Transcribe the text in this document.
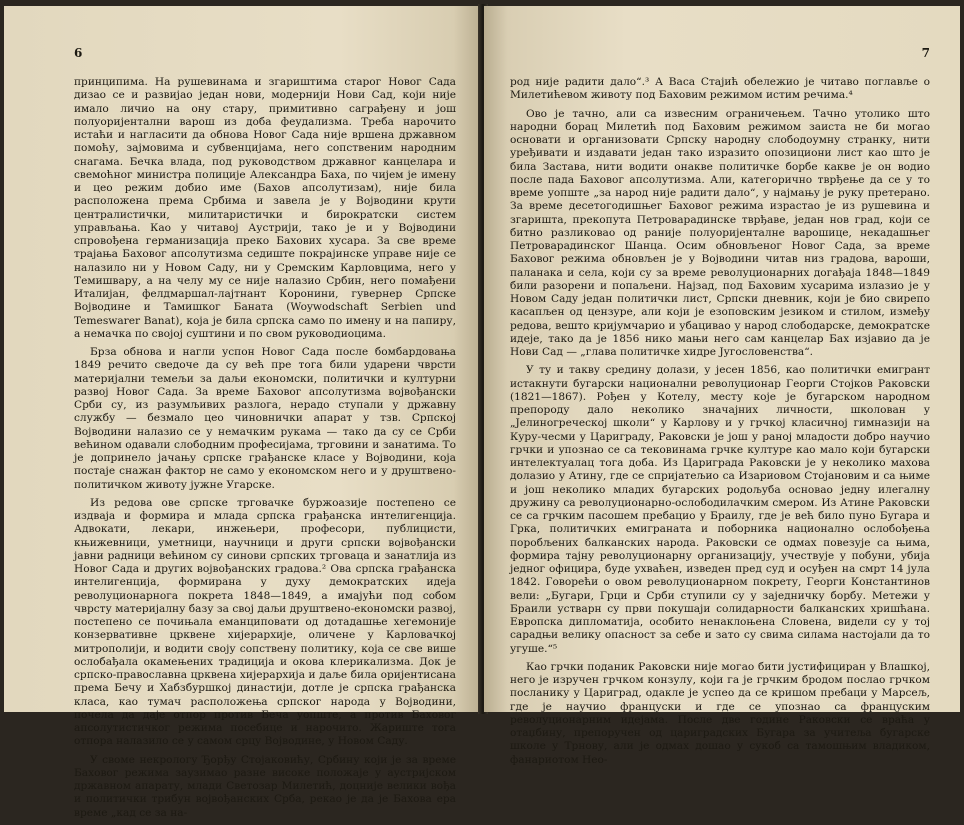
6

принципима. На рушевинама и згариштима старог Новог Сада дизао се и развијао један нови, модернији Нови Сад, који није имало личио на ону стару, примитивно саграђену и још полуоријентални варош из доба феудализма. Треба нарочито истаћи и нагласити да обнова Новог Сада није вршена државном помоћу, зајмовима и субвенцијама, него сопственим народним снагама. Бечка влада, под руководством државног канцелара и свемоћног министра полиције Александра Баха, по чијем је имену и цео режим добио име (Бахов апсолутизам), није била расположена према Србима и завела је у Војводини крути централистички, милитаристички и бирократски систем управљања. Као у читавој Аустрији, тако је и у Војводини спровођена германизација преко Бахових хусара. За све време трајања Баховог апсолутизма седиште покрајинске управе није се налазило ни у Новом Саду, ни у Сремским Карловцима, него у Темишвару, а на челу му се није налазио Србин, него помађени Италијан, фелдмаршал-лајтнант Коронини, гувернер Српске Војводине и Тамишког Баната (Woywodschaft Serbien und Temeswarer Banat), која је била српска само по имену и на папиру, а немачка по својој суштини и по свом руководиоцима.

Брза обнова и нагли успон Новог Сада после бомбардовања 1849 речито сведоче да су већ пре тога били ударени чврсти материјални темељи за даљи економски, политички и културни развој Новог Сада. За време Баховог апсолутизма војвођански Срби су, из разумљивих разлога, нерадо ступали у државну службу — безмало цео чиновнички апарат у тзв. Српској Војводини налазио се у немачким рукама — тако да су се Срби већином одавали слободним професијама, трговини и занатима. То је допринело јачању српске грађанске класе у Војводини, која постаје снажан фактор не само у економском него и у друштвено-политичком животу јужне Угарске.

Из редова ове српске трговачке буржоазије постепено се издваја и формира и млада српска грађанска интелигенција. Адвокати, лекари, инжењери, професори, публицисти, књижевници, уметници, научници и други српски војвођански јавни радници већином су синови српских трговаца и занатлија из Новог Сада и других војвођанских градова.² Ова српска грађанска интелигенција, формирана у духу демократских идеја револуционарнога покрета 1848—1849, а имајући под собом чврсту материјалну базу за свој даљи друштвено-економски развој, постепено се почињала еманциповати од дотадашње хегемоније конзервативне црквене хијерархије, оличене у Карловачкој митрополији, и водити своју сопствену политику, која се све више ослобађала окамењених традиција и окова клерикализма. Док је српско-православна црквена хијерархија и даље била оријентисана према Бечу и Хабзбуршкој династији, дотле је српска грађанска класа, као тумач расположења српског народа у Војводини, почела да даје отпор против Беча уопште, а против Баховог апсолутистичког режима посебице и нарочито. Жариште тога отпора налазило се у самом срцу Војводине, у Новом Саду.

У своме некрологу Ђорђу Стојаковићу, Србину који је за време Баховог режима заузимао разне високе положаје у аустријском државном апарату, млади Светозар Милетић, доцније велики вођа и политички трибун војвођанских Срба, рекао је да је Бахова ера време „кад се за на-

7

род није радити дало“.³ А Васа Стајић обележио је читаво поглавље о Милетићевом животу под Баховим режимом истим речима.⁴

Ово је тачно, али са извесним ограничењем. Тачно утолико што народни борац Милетић под Баховим режимом заиста не би могао основати и организовати Српску народну слободоумну странку, нити уређивати и издавати један тако изразито опозициони лист као што је била Застава, нити водити онакве политичке борбе какве је он водио после пада Баховог апсолутизма. Али, категорично тврђење да се у то време уопште „за народ није радити дало“, у најмању је руку претерано. За време десетогодишњег Баховог режима израстао је из рушевина и згаришта, прекопута Петроварадинске тврђаве, један нов град, који се битно разликовао од раније полуоријенталне варошице, некадашњег Петроварадинског Шанца. Осим обновљеног Новог Сада, за време Баховог режима обновљен је у Војводини читав низ градова, вароши, паланака и села, који су за време револуционарних догађаја 1848—1849 били разорени и попаљени. Најзад, под Баховим хусарима излазио је у Новом Саду један политички лист, Српски дневник, који је био свирепо касапљен од цензуре, али који је езоповским језиком и стилом, између редова, вешто кријумчарио и убацивао у народ слободарске, демократске идеје, тако да је 1856 нико мањи него сам канцелар Бах изјавио да је Нови Сад — „глава политичке хидре Југословенства“.

У ту и такву средину долази, у јесен 1856, као политички емигрант истакнути бугарски национални револуционар Георги Стојков Раковски (1821—1867). Рођен у Котелу, месту које је бугарском народном препороду дало неколико значајних личности, школован у „Јелиногреческој школи“ у Карлову и у грчкој класичној гимназији на Куру-чесми у Цариграду, Раковски је још у раној младости добро научио грчки и упознао се са тековинама грчке културе као мало који бугарски интелектуалац тога доба. Из Цариграда Раковски је у неколико махова долазио у Атину, где се спријатељио са Изариовом Стојановим и са њиме и још неколико младих бугарских родољуба основао једну илегалну дружину са револуционарно-ослободилачким смером. Из Атине Раковски се са грчким пасошем пребацио у Браилу, где је већ било пуно Бугара и Грка, политичких емиграната и поборника национално ослобођења поробљених балканских народа. Раковски се одмах повезује са њима, формира тајну револуционарну организацију, учествује у побуни, убија једног официра, буде ухваћен, изведен пред суд и осуђен на смрт 14 јула 1842. Говорећи о овом револуционарном покрету, Георги Константинов вели: „Бугари, Грци и Срби ступили су у заједничку борбу. Метежи у Браили устварн су први покушаји солидарности балканских хришћана. Европска дипломатија, особито ненаклоњена Словена, видели су у тој сарадњи велику опасност за себе и зато су свима силама настојали да то угуше.“⁵

Као грчки поданик Раковски није могао бити јустифициран у Влашкој, него је изручен грчком конзулу, који га је грчким бродом послао грчком посланику у Цариград, одакле је успео да се кришом пребаци у Марсељ, где је научио француски и где се упознао са француским револуционарним идејама. После две године Раковски се враћа у отаџбину, препоручен од цариградских Бугара за учитеља бугарске школе у Трнову, али је одмах дошао у сукоб са тамошњим владиком, фанариотом Нео-
